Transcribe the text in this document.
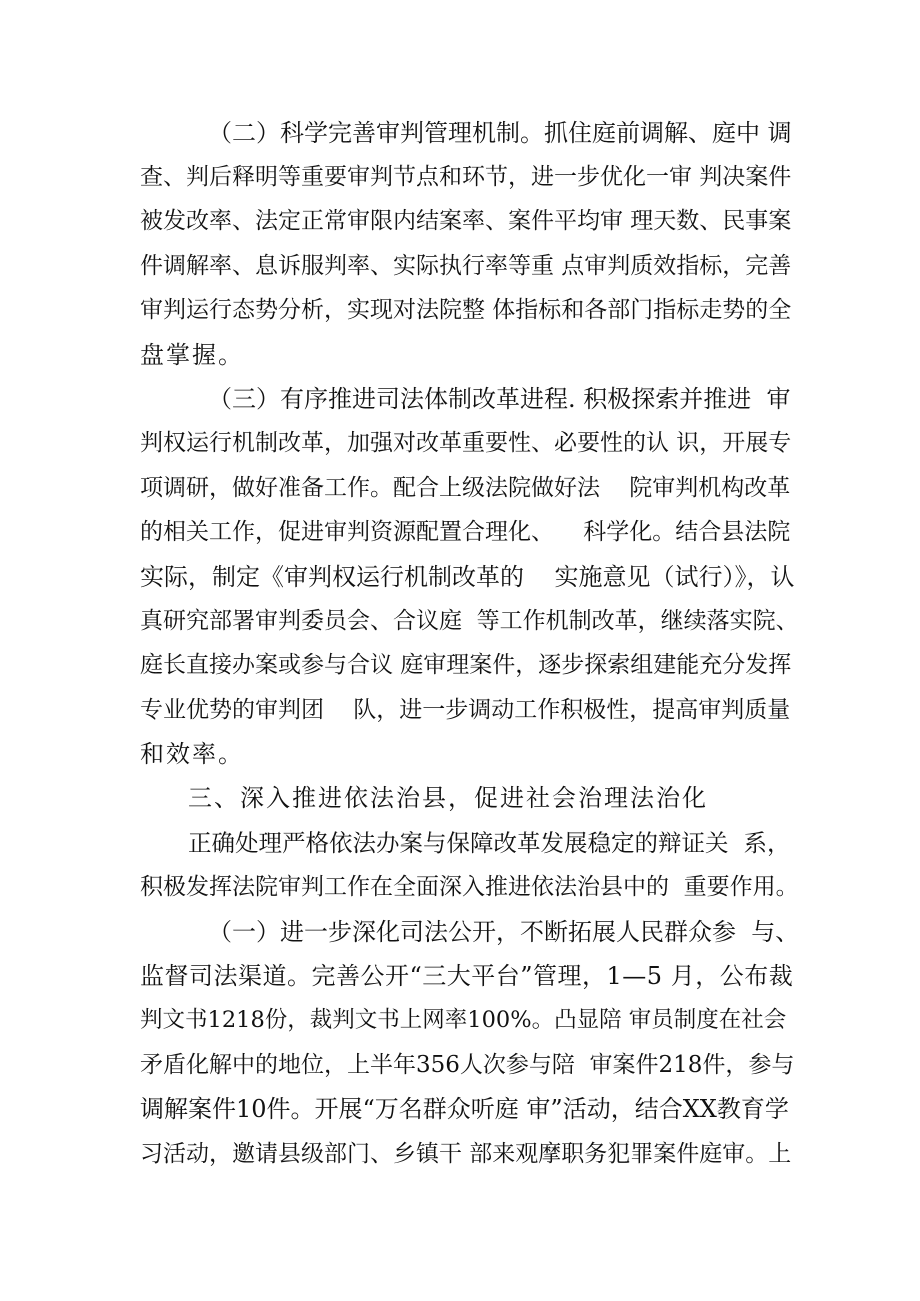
（二）科学完善审判管理机制。抓住庭前调解、庭中 调
查、判后释明等重要审判节点和环节，进一步优化一审 判决案件
被发改率、法定正常审限内结案率、案件平均审 理天数、民事案
件调解率、息诉服判率、实际执行率等重 点审判质效指标，完善
审判运行态势分析，实现对法院整 体指标和各部门指标走势的全
盘掌握。
（三）有序推进司法体制改革进程. 积极探索并推进  审
判权运行机制改革，加强对改革重要性、必要性的认 识，开展专
项调研，做好准备工作。配合上级法院做好法    院审判机构改革
的相关工作，促进审判资源配置合理化、    科学化。结合县法院
实际，制定《审判权运行机制改革的    实施意见（试行）》，认
真研究部署审判委员会、合议庭  等工作机制改革，继续落实院、
庭长直接办案或参与合议 庭审理案件，逐步探索组建能充分发挥
专业优势的审判团    队，进一步调动工作积极性，提高审判质量
和效率。
三、深入推进依法治县，促进社会治理法治化
正确处理严格依法办案与保障改革发展稳定的辩证关  系，
积极发挥法院审判工作在全面深入推进依法治县中的  重要作用。
（一）进一步深化司法公开，不断拓展人民群众参  与、
监督司法渠道。完善公开“三大平台”管理，1—5 月，公布裁
判文书1218份，裁判文书上网率100%。凸显陪 审员制度在社会
矛盾化解中的地位，上半年356人次参与陪  审案件218件，参与
调解案件10件。开展“万名群众听庭 审”活动，结合XX教育学
习活动，邀请县级部门、乡镇干 部来观摩职务犯罪案件庭审。上
